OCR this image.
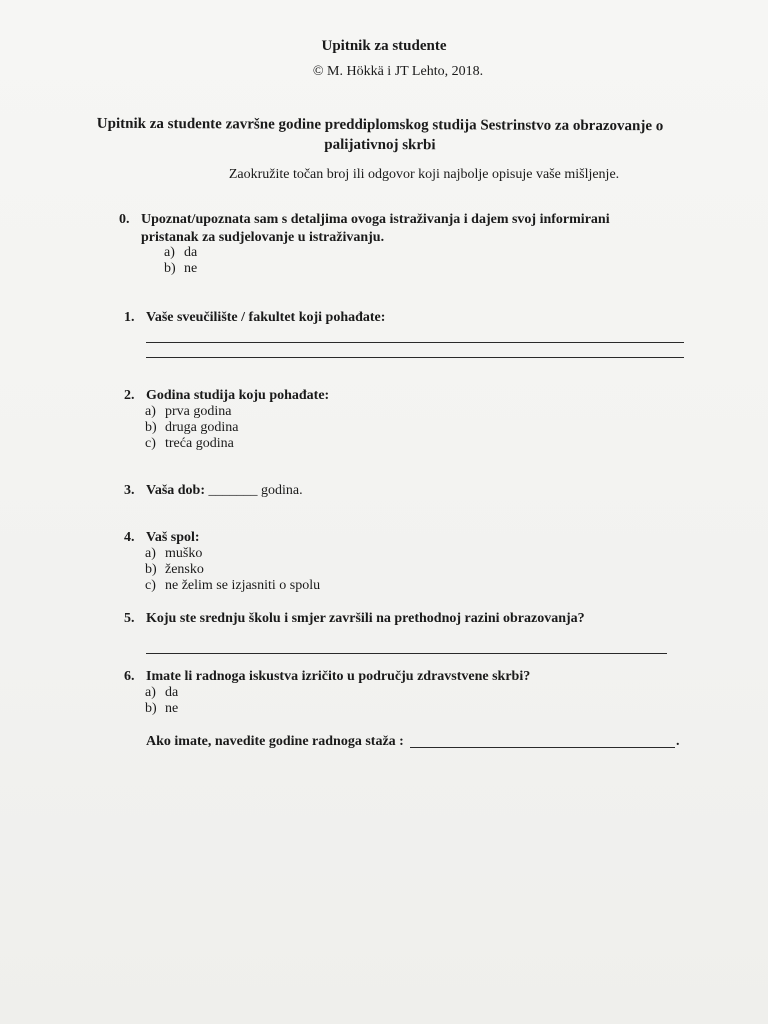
Upitnik za studente
© M. Hökkä i JT Lehto, 2018.
Upitnik za studente završne godine preddiplomskog studija Sestrinstvo za obrazovanje o
palijativnoj skrbi
Zaokružite točan broj ili odgovor koji najbolje opisuje vaše mišljenje.
0. Upoznat/upoznata sam s detaljima ovoga istraživanja i dajem svoj informirani
pristanak za sudjelovanje u istraživanju.
a) da
b) ne
1. Vaše sveučilište / fakultet koji pohađate:
2. Godina studija koju pohađate:
a) prva godina
b) druga godina
c) treća godina
3. Vaša dob: _______ godina.
4. Vaš spol:
a) muško
b) žensko
c) ne želim se izjasniti o spolu
5. Koju ste srednju školu i smjer završili na prethodnoj razini obrazovanja?
6. Imate li radnoga iskustva izričito u području zdravstvene skrbi?
a) da
b) ne
Ako imate, navedite godine radnoga staža :	.
